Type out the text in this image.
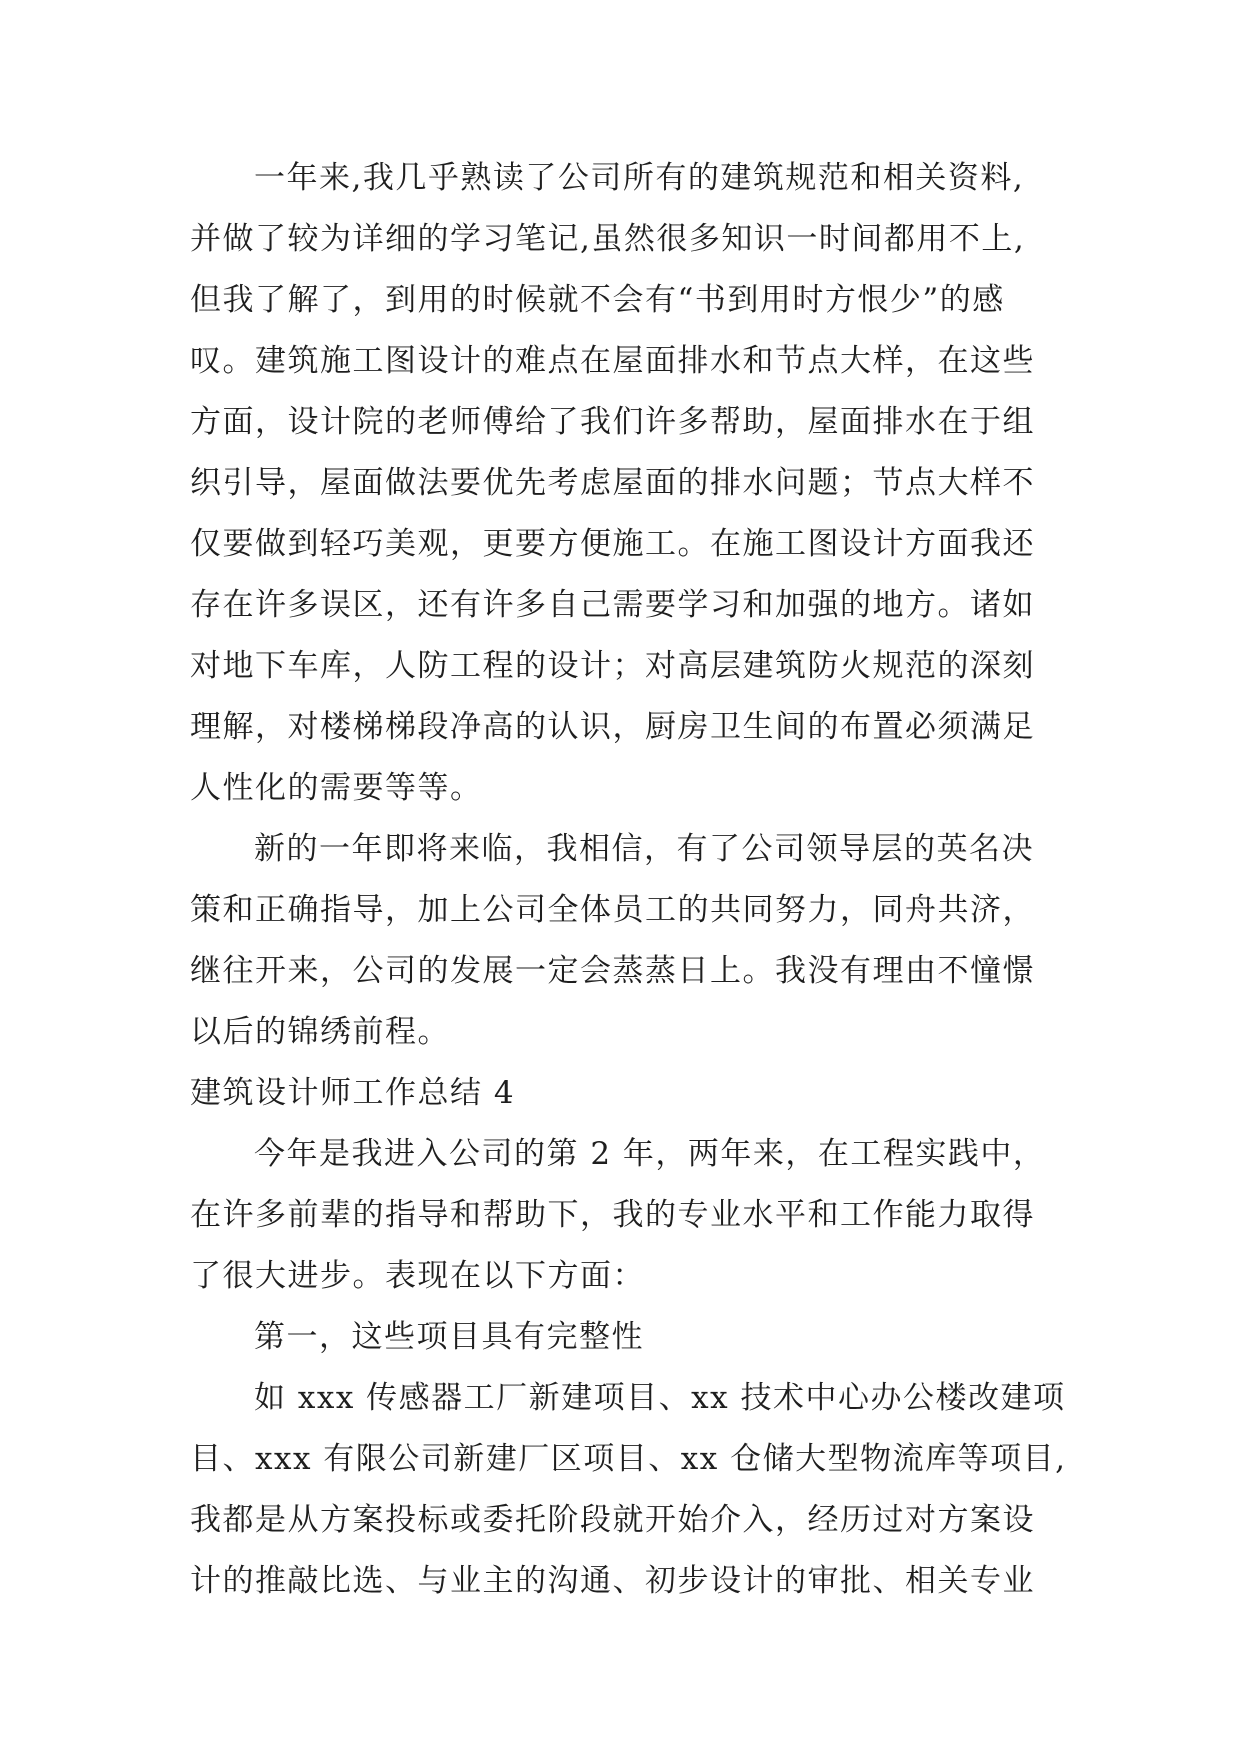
一年来,我几乎熟读了公司所有的建筑规范和相关资料,
并做了较为详细的学习笔记,虽然很多知识一时间都用不上,
但我了解了，到用的时候就不会有“书到用时方恨少”的感
叹。建筑施工图设计的难点在屋面排水和节点大样，在这些
方面，设计院的老师傅给了我们许多帮助，屋面排水在于组
织引导，屋面做法要优先考虑屋面的排水问题；节点大样不
仅要做到轻巧美观，更要方便施工。在施工图设计方面我还
存在许多误区，还有许多自己需要学习和加强的地方。诸如
对地下车库，人防工程的设计；对高层建筑防火规范的深刻
理解，对楼梯梯段净高的认识，厨房卫生间的布置必须满足
人性化的需要等等。
新的一年即将来临，我相信，有了公司领导层的英名决
策和正确指导，加上公司全体员工的共同努力，同舟共济，
继往开来，公司的发展一定会蒸蒸日上。我没有理由不憧憬
以后的锦绣前程。
建筑设计师工作总结 4
今年是我进入公司的第 2 年，两年来，在工程实践中，
在许多前辈的指导和帮助下，我的专业水平和工作能力取得
了很大进步。表现在以下方面：
第一，这些项目具有完整性
如 xxx 传感器工厂新建项目、xx 技术中心办公楼改建项
目、xxx 有限公司新建厂区项目、xx 仓储大型物流库等项目,
我都是从方案投标或委托阶段就开始介入，经历过对方案设
计的推敲比选、与业主的沟通、初步设计的审批、相关专业
